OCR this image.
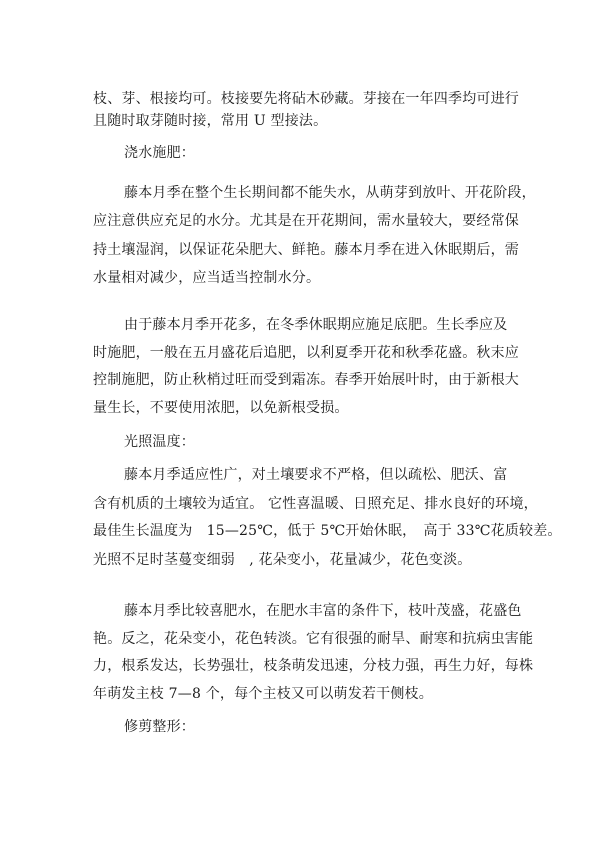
枝、芽、根接均可。枝接要先将砧木砂藏。芽接在一年四季均可进行
且随时取芽随时接，常用 U 型接法。
浇水施肥：
藤本月季在整个生长期间都不能失水，从萌芽到放叶、开花阶段，
应注意供应充足的水分。尤其是在开花期间，需水量较大，要经常保
持土壤湿润，以保证花朵肥大、鲜艳。藤本月季在进入休眠期后，需
水量相对减少，应当适当控制水分。
由于藤本月季开花多，在冬季休眠期应施足底肥。生长季应及
时施肥，一般在五月盛花后追肥，以利夏季开花和秋季花盛。秋末应
控制施肥，防止秋梢过旺而受到霜冻。春季开始展叶时，由于新根大
量生长，不要使用浓肥，以免新根受损。
光照温度：
藤本月季适应性广，对土壤要求不严格，但以疏松、肥沃、富
含有机质的土壤较为适宜。 它性喜温暖、日照充足、排水良好的环境，
最佳生长温度为　15—25℃，低于 5℃开始休眠，　高于 33℃花质较差。
光照不足时茎蔓变细弱　, 花朵变小，花量减少，花色变淡。
藤本月季比较喜肥水，在肥水丰富的条件下，枝叶茂盛，花盛色
艳。反之，花朵变小，花色转淡。它有很强的耐旱、耐寒和抗病虫害能
力，根系发达，长势强壮，枝条萌发迅速，分枝力强，再生力好，每株
年萌发主枝 7—8 个，每个主枝又可以萌发若干侧枝。
修剪整形：
